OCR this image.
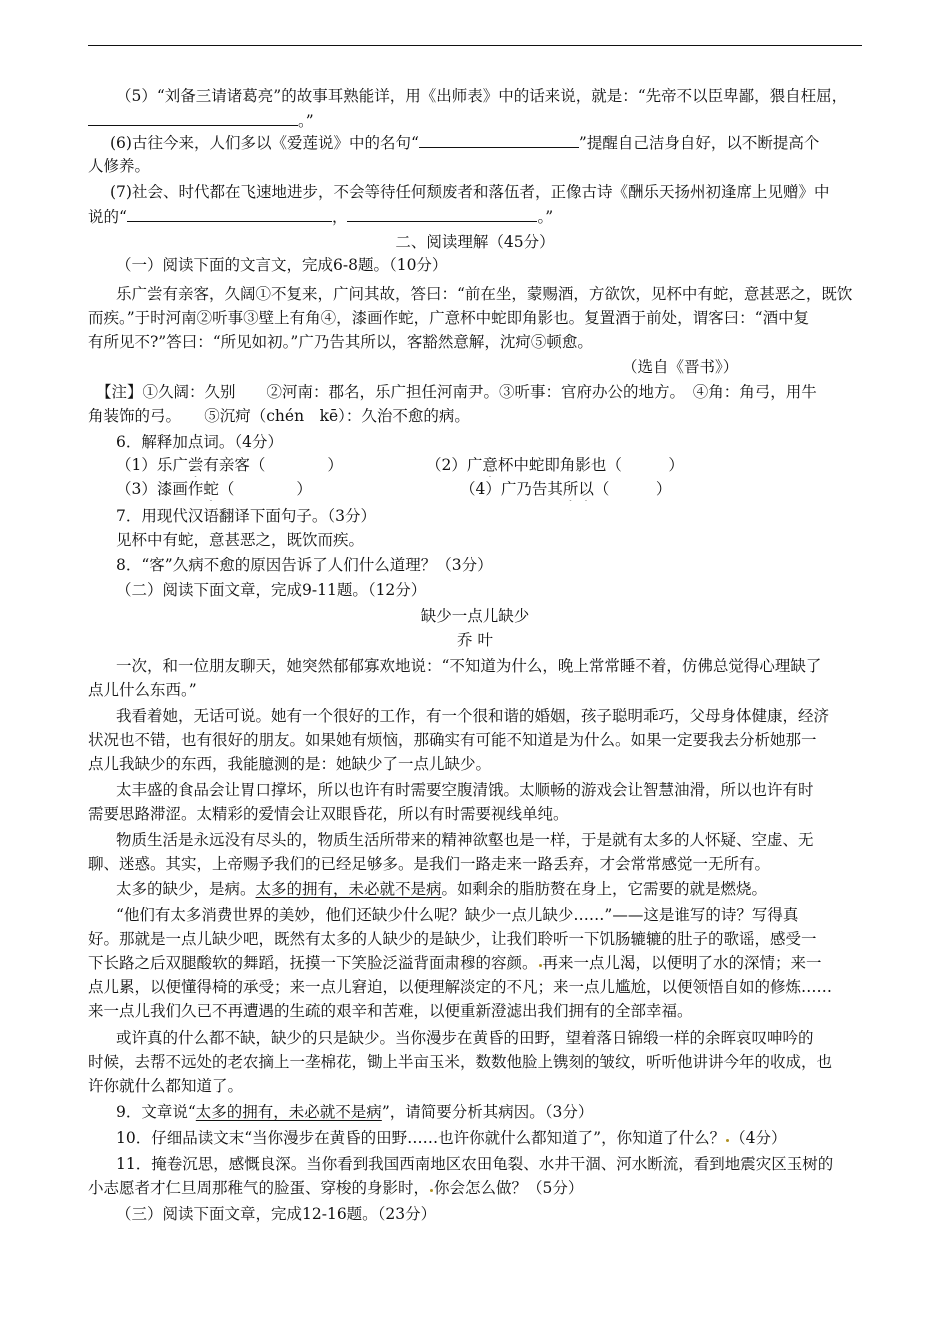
（5）“刘备三请诸葛亮”的故事耳熟能详，用《出师表》中的话来说，就是：“先帝不以臣卑鄙，猥自枉屈，
。”
(6)古往今来，人们多以《爱莲说》中的名句“	”提醒自己洁身自好，以不断提高个
人修养。
(7)社会、时代都在飞速地进步，不会等待任何颓废者和落伍者，正像古诗《酬乐天扬州初逢席上见赠》中
说的“	，	。”
二、阅读理解（45分）
（一）阅读下面的文言文，完成6-8题。（10分）
乐广尝有亲客，久阔①不复来，广问其故，答曰：“前在坐，蒙赐酒，方欲饮，见杯中有蛇，意甚恶之，既饮
而疾。”于时河南②听事③壁上有角④，漆画作蛇，广意杯中蛇即角影也。复置酒于前处，谓客曰：“酒中复
有所见不?”答曰：“所见如初。”广乃告其所以，客豁然意解，沈疴⑤顿愈。
（选自《晋书》）
【注】①久阔：久别　　②河南：郡名，乐广担任河南尹。③听事：官府办公的地方。　④角：角弓，用牛
角装饰的弓。　　⑤沉疴（chén　kē）：久治不愈的病。
6．解释加点词。（4分）
（1）乐广尝有亲客（　　　　）	（2）广意杯中蛇即角影也（　　　）
（3）漆画作蛇（　　　　）	（4）广乃告其所以（　　　）
7．用现代汉语翻译下面句子。（3分）
见杯中有蛇，意甚恶之，既饮而疾。
8．“客”久病不愈的原因告诉了人们什么道理？（3分）
（二）阅读下面文章，完成9-11题。（12分）
缺少一点儿缺少
乔 叶
一次，和一位朋友聊天，她突然郁郁寡欢地说：“不知道为什么，晚上常常睡不着，仿佛总觉得心理缺了
点儿什么东西。”
我看着她，无话可说。她有一个很好的工作，有一个很和谐的婚姻，孩子聪明乖巧，父母身体健康，经济
状况也不错，也有很好的朋友。如果她有烦恼，那确实有可能不知道是为什么。如果一定要我去分析她那一
点儿我缺少的东西，我能臆测的是：她缺少了一点儿缺少。
太丰盛的食品会让胃口撑坏，所以也许有时需要空腹清饿。太顺畅的游戏会让智慧油滑，所以也许有时
需要思路滞涩。太精彩的爱情会让双眼昏花，所以有时需要视线单纯。
物质生活是永远没有尽头的，物质生活所带来的精神欲壑也是一样，于是就有太多的人怀疑、空虚、无
聊、迷惑。其实，上帝赐予我们的已经足够多。是我们一路走来一路丢弃，才会常常感觉一无所有。
太多的缺少，是病。太多的拥有，未必就不是病。如剩余的脂肪赘在身上，它需要的就是燃烧。
“他们有太多消费世界的美妙，他们还缺少什么呢？缺少一点儿缺少……”——这是谁写的诗？写得真
好。那就是一点儿缺少吧，既然有太多的人缺少的是缺少，让我们聆听一下饥肠辘辘的肚子的歌谣，感受一
下长路之后双腿酸软的舞蹈，抚摸一下笑脸泛溢背面肃穆的容颜。 再来一点儿渴，以便明了水的深情；来一
点儿累，以便懂得椅的承受；来一点儿窘迫，以便理解淡定的不凡；来一点儿尴尬，以便领悟自如的修炼……
来一点儿我们久已不再遭遇的生疏的艰辛和苦难，以便重新澄滤出我们拥有的全部幸福。
或许真的什么都不缺，缺少的只是缺少。当你漫步在黄昏的田野，望着落日锦缎一样的余晖哀叹呻吟的
时候，去帮不远处的老农摘上一垄棉花，锄上半亩玉米，数数他脸上镌刻的皱纹，听听他讲讲今年的收成，也
许你就什么都知道了。
9．文章说“太多的拥有，未必就不是病”，请简要分析其病因。（3分）
10．仔细品读文末“当你漫步在黄昏的田野……也许你就什么都知道了”，你知道了什么？ （4分）
11．掩卷沉思，感慨良深。当你看到我国西南地区农田龟裂、水井干涸、河水断流，看到地震灾区玉树的
小志愿者才仁旦周那稚气的脸蛋、穿梭的身影时， 你会怎么做？（5分）
（三）阅读下面文章，完成12-16题。（23分）
